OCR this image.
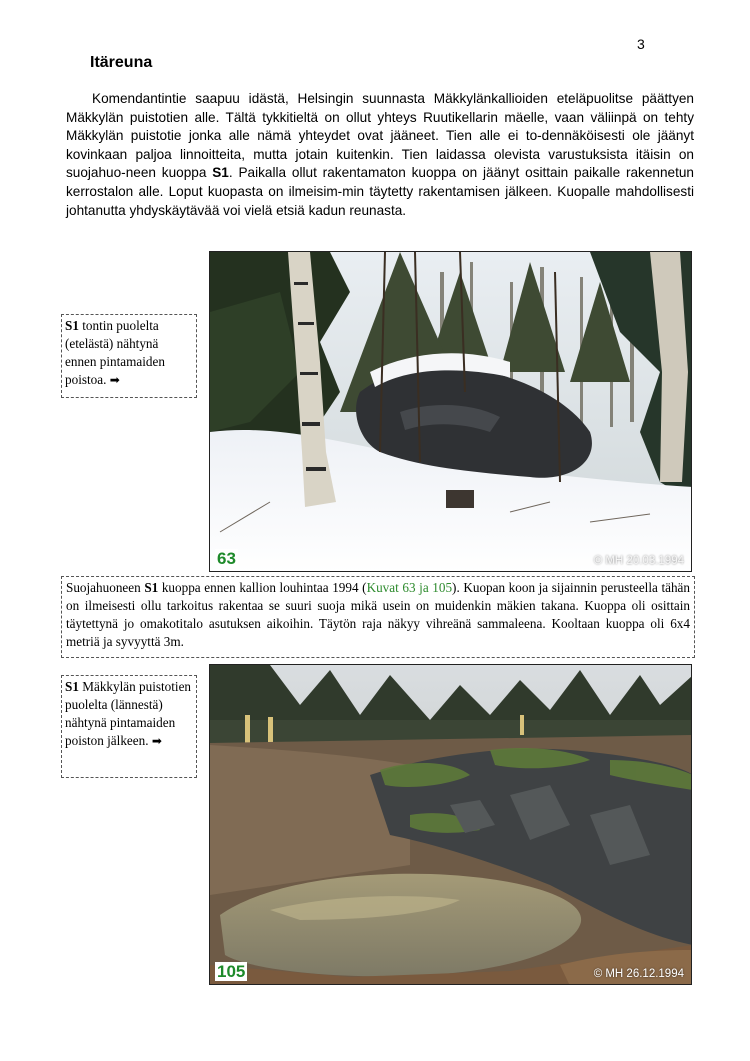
3
Itäreuna

Komendantintie saapuu idästä, Helsingin suunnasta Mäkkylänkallioiden eteläpuolitse päättyen Mäkkylän puistotien alle. Tältä tykkitieltä on ollut yhteys Ruutikellarin mäelle, vaan väliinpä on tehty Mäkkylän puistotie jonka alle nämä yhteydet ovat jääneet. Tien alle ei to-dennäköisesti ole jäänyt kovinkaan paljoa linnoitteita, mutta jotain kuitenkin. Tien laidassa olevista varustuksista itäisin on suojahuo-neen kuoppa S1. Paikalla ollut rakentamaton kuoppa on jäänyt osittain paikalle rakennetun kerrostalon alle. Loput kuopasta on ilmeisim-min täytetty rakentamisen jälkeen. Kuopalle mahdollisesti johtanutta yhdyskäytävää voi vielä etsiä kadun reunasta.

S1 tontin puolelta (etelästä) nähtynä ennen pintamaiden poistoa. ➡
63	© MH 20.03.1994
Suojahuoneen S1 kuoppa ennen kallion louhintaa 1994 (Kuvat 63 ja 105). Kuopan koon ja sijainnin perusteella tähän on ilmeisesti ollu tarkoitus rakentaa se suuri suoja mikä usein on muidenkin mäkien takana. Kuoppa oli osittain täytettynä jo omakotitalo asutuksen aikoihin. Täytön raja näkyy vihreänä sammaleena. Kooltaan kuoppa oli 6x4 metriä ja syvyyttä 3m.
S1 Mäkkylän puistotien puolelta (lännestä) nähtynä pintamaiden poiston jälkeen. ➡
105	© MH 26.12.1994
